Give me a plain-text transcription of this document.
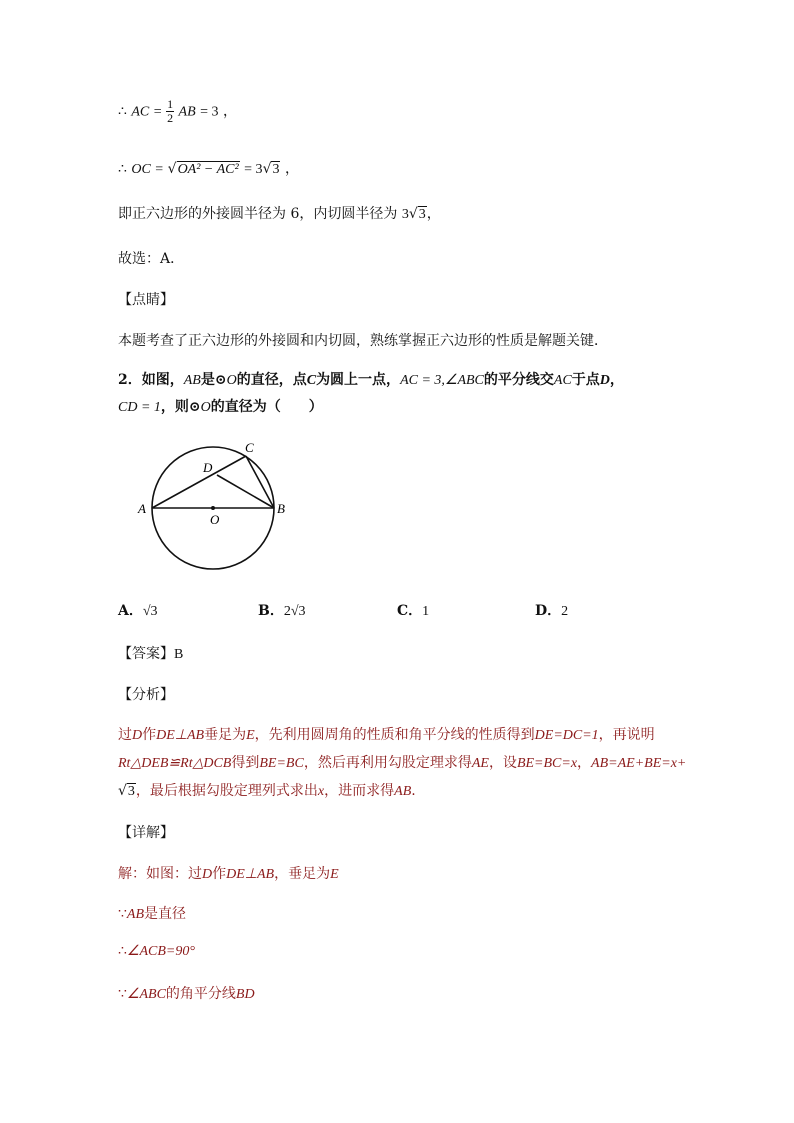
∴ AC = $\frac{1}{2}$ AB = 3 ，
∴ OC = √OA² − AC² = 3√3 ，
即正六边形的外接圆半径为 6，内切圆半径为 3√3，
故选：A．
【点睛】
本题考查了正六边形的外接圆和内切圆，熟练掌握正六边形的性质是解题关键．
2．如图，AB是⊙O的直径，点C为圆上一点，AC = 3,∠ABC的平分线交AC于点D，
CD = 1，则⊙O的直径为（　　）
A	B
C
D
O
A．√3	B．2√3	C．1	D．2
【答案】B
【分析】
过D作DE⊥AB垂足为E，先利用圆周角的性质和角平分线的性质得到DE=DC=1，再说明
Rt△DEB≌Rt△DCB得到BE=BC，然后再利用勾股定理求得AE，设BE=BC=x，AB=AE+BE=x+
√3，最后根据勾股定理列式求出x，进而求得AB.
【详解】
解：如图：过D作DE⊥AB，垂足为E
∵AB是直径
∴∠ACB=90°
∵∠ABC的角平分线BD
